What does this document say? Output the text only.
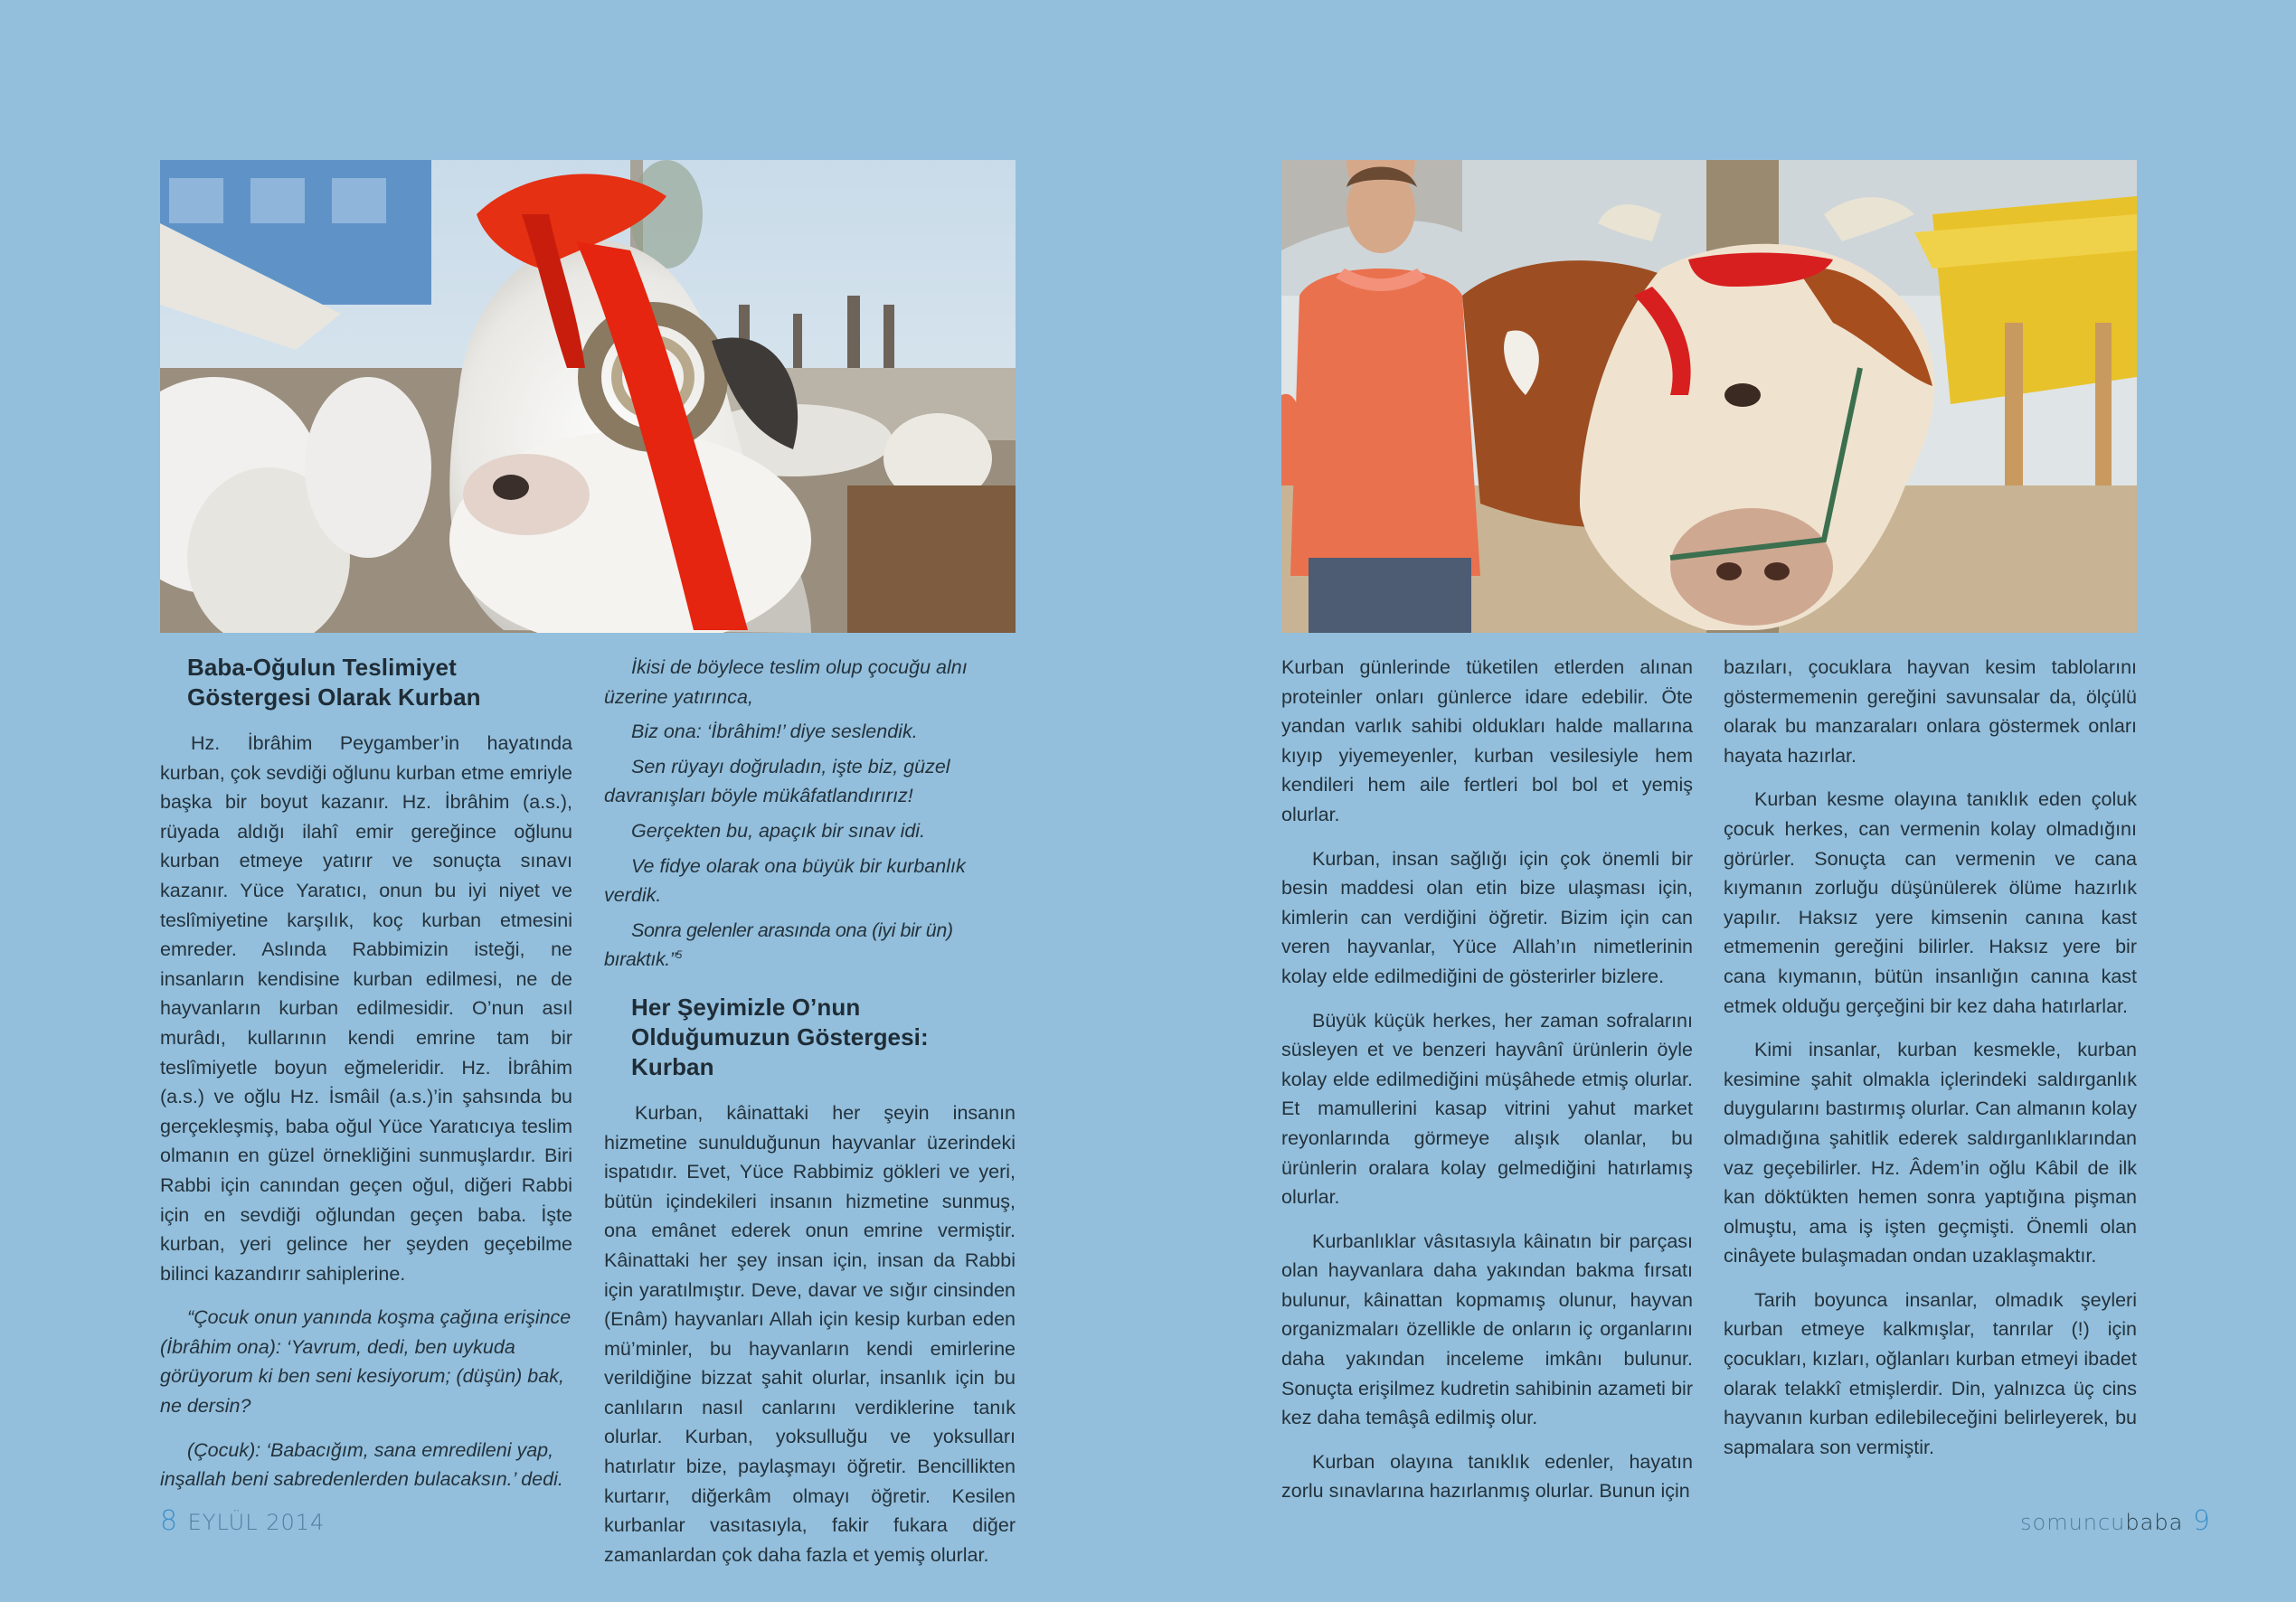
Baba-Oğulun Teslimiyet Göstergesi Olarak Kurban

Hz. İbrâhim Peygamber’in hayatında kurban, çok sevdiği oğlunu kurban etme emriyle başka bir boyut kazanır. Hz. İbrâhim (a.s.), rüyada aldığı ilahî emir gereğince oğlunu kurban etmeye yatırır ve sonuçta sınavı kazanır. Yüce Yaratıcı, onun bu iyi niyet ve teslîmiyetine karşılık, koç kurban etmesini emreder. Aslında Rabbimizin isteği, ne insanların kendisine kurban edilmesi, ne de hayvanların kurban edilmesidir. O’nun asıl murâdı, kullarının kendi emrine tam bir teslîmiyetle boyun eğmeleridir. Hz. İbrâhim (a.s.) ve oğlu Hz. İsmâil (a.s.)’in şahsında bu gerçekleşmiş, baba oğul Yüce Yaratıcıya teslim olmanın en güzel örnekliğini sunmuşlardır. Biri Rabbi için canından geçen oğul, diğeri Rabbi için en sevdiği oğlundan geçen baba. İşte kurban, yeri gelince her şeyden geçebilme bilinci kazandırır sahiplerine.

“Çocuk onun yanında koşma çağına erişince (İbrâhim ona): ‘Yavrum, dedi, ben uykuda görüyorum ki ben seni kesiyorum; (düşün) bak, ne dersin?

(Çocuk): ‘Babacığım, sana emredileni yap, inşallah beni sabredenlerden bulacaksın.’ dedi.

İkisi de böylece teslim olup çocuğu alnı üzerine yatırınca,

Biz ona: ‘İbrâhim!’ diye seslendik.

Sen rüyayı doğruladın, işte biz, güzel davranışları böyle mükâfatlandırırız!

Gerçekten bu, apaçık bir sınav idi.

Ve fidye olarak ona büyük bir kurbanlık verdik.

Sonra gelenler arasında ona (iyi bir ün) bıraktık.”$^5$

Her Şeyimizle O’nun Olduğumuzun Göstergesi: Kurban

Kurban, kâinattaki her şeyin insanın hizmetine sunulduğunun hayvanlar üzerindeki ispatıdır. Evet, Yüce Rabbimiz gökleri ve yeri, bütün içindekileri insanın hizmetine sunmuş, ona emânet ederek onun emrine vermiştir. Kâinattaki her şey insan için, insan da Rabbi için yaratılmıştır. Deve, davar ve sığır cinsinden (Enâm) hayvanları Allah için kesip kurban eden mü’minler, bu hayvanların kendi emirlerine verildiğine bizzat şahit olurlar, insanlık için bu canlıların nasıl canlarını verdiklerine tanık olurlar. Kurban, yoksulluğu ve yoksulları hatırlatır bize, paylaşmayı öğretir. Bencillikten kurtarır, diğerkâm olmayı öğretir. Kesilen kurbanlar vasıtasıyla, fakir fukara diğer zamanlardan çok daha fazla et yemiş olurlar.

Kurban günlerinde tüketilen etlerden alınan proteinler onları günlerce idare edebilir. Öte yandan varlık sahibi oldukları halde mallarına kıyıp yiyemeyenler, kurban vesilesiyle hem kendileri hem aile fertleri bol bol et yemiş olurlar.

Kurban, insan sağlığı için çok önemli bir besin maddesi olan etin bize ulaşması için, kimlerin can verdiğini öğretir. Bizim için can veren hayvanlar, Yüce Allah’ın nimetlerinin kolay elde edilmediğini de gösterirler bizlere.

Büyük küçük herkes, her zaman sofralarını süsleyen et ve benzeri hayvânî ürünlerin öyle kolay elde edilmediğini müşâhede etmiş olurlar. Et mamullerini kasap vitrini yahut market reyonlarında görmeye alışık olanlar, bu ürünlerin oralara kolay gelmediğini hatırlamış olurlar.

Kurbanlıklar vâsıtasıyla kâinatın bir parçası olan hayvanlara daha yakından bakma fırsatı bulunur, kâinattan kopmamış olunur, hayvan organizmaları özellikle de onların iç organlarını daha yakından inceleme imkânı bulunur. Sonuçta erişilmez kudretin sahibinin azameti bir kez daha temâşâ edilmiş olur.

Kurban olayına tanıklık edenler, hayatın zorlu sınavlarına hazırlanmış olurlar. Bunun için

bazıları, çocuklara hayvan kesim tablolarını göstermemenin gereğini savunsalar da, ölçülü olarak bu manzaraları onlara göstermek onları hayata hazırlar.

Kurban kesme olayına tanıklık eden çoluk çocuk herkes, can vermenin kolay olmadığını görürler. Sonuçta can vermenin ve cana kıymanın zorluğu düşünülerek ölüme hazırlık yapılır. Haksız yere kimsenin canına kast etmemenin gereğini bilirler. Haksız yere bir cana kıymanın, bütün insanlığın canına kast etmek olduğu gerçeğini bir kez daha hatırlarlar.

Kimi insanlar, kurban kesmekle, kurban kesimine şahit olmakla içlerindeki saldırganlık duygularını bastırmış olurlar. Can almanın kolay olmadığına şahitlik ederek saldırganlıklarından vaz geçebilirler. Hz. Âdem’in oğlu Kâbil de ilk kan döktükten hemen sonra yaptığına pişman olmuştu, ama iş işten geçmişti. Önemli olan cinâyete bulaşmadan ondan uzaklaşmaktır.

Tarih boyunca insanlar, olmadık şeyleri kurban etmeye kalkmışlar, tanrılar (!) için çocukları, kızları, oğlanları kurban etmeyi ibadet olarak telakkî etmişlerdir. Din, yalnızca üç cins hayvanın kurban edilebileceğini belirleyerek, bu sapmalara son vermiştir.

8 EYLÜL 2014	somuncubaba 9
